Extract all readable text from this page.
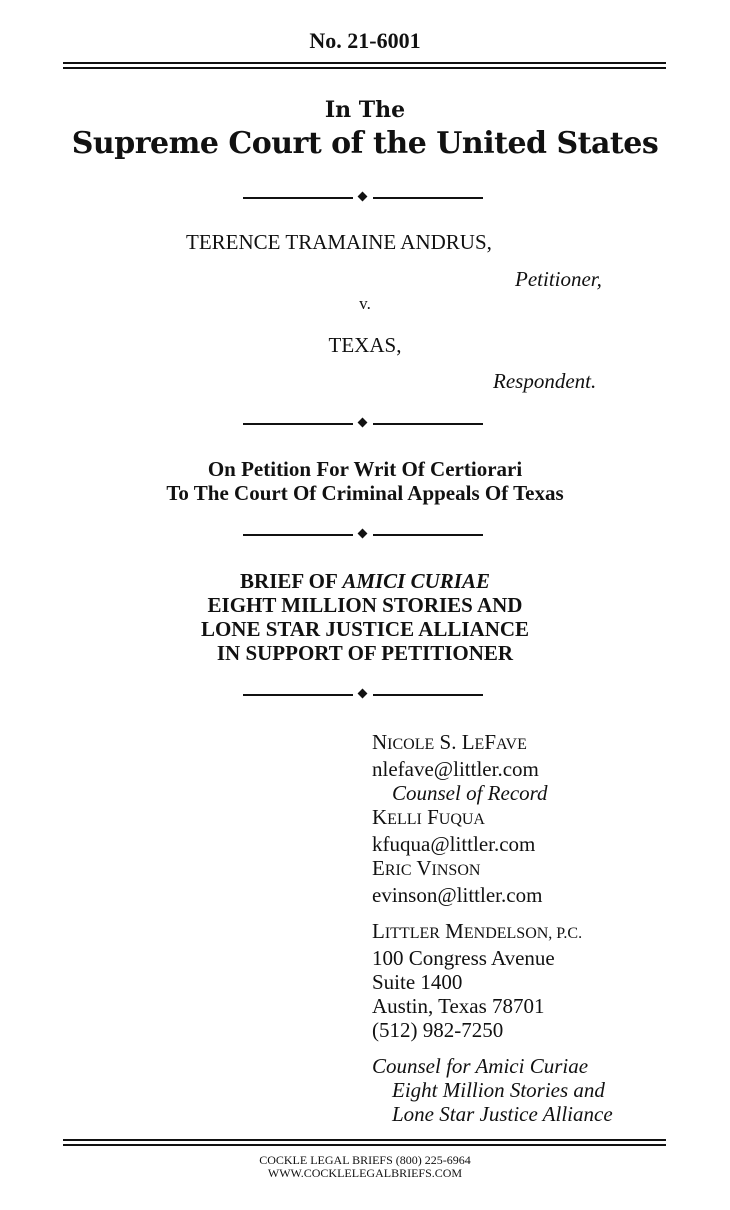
No. 21-6001
In The
Supreme Court of the United States
TERENCE TRAMAINE ANDRUS,
Petitioner,
v.
TEXAS,
Respondent.
On Petition For Writ Of Certiorari
To The Court Of Criminal Appeals Of Texas
BRIEF OF AMICI CURIAE
EIGHT MILLION STORIES AND
LONE STAR JUSTICE ALLIANCE
IN SUPPORT OF PETITIONER
NICOLE S. LEFAVE
nlefave@littler.com
Counsel of Record
KELLI FUQUA
kfuqua@littler.com
ERIC VINSON
evinson@littler.com
LITTLER MENDELSON, P.C.
100 Congress Avenue
Suite 1400
Austin, Texas 78701
(512) 982-7250
Counsel for Amici Curiae
Eight Million Stories and
Lone Star Justice Alliance
COCKLE LEGAL BRIEFS (800) 225-6964
WWW.COCKLELEGALBRIEFS.COM
